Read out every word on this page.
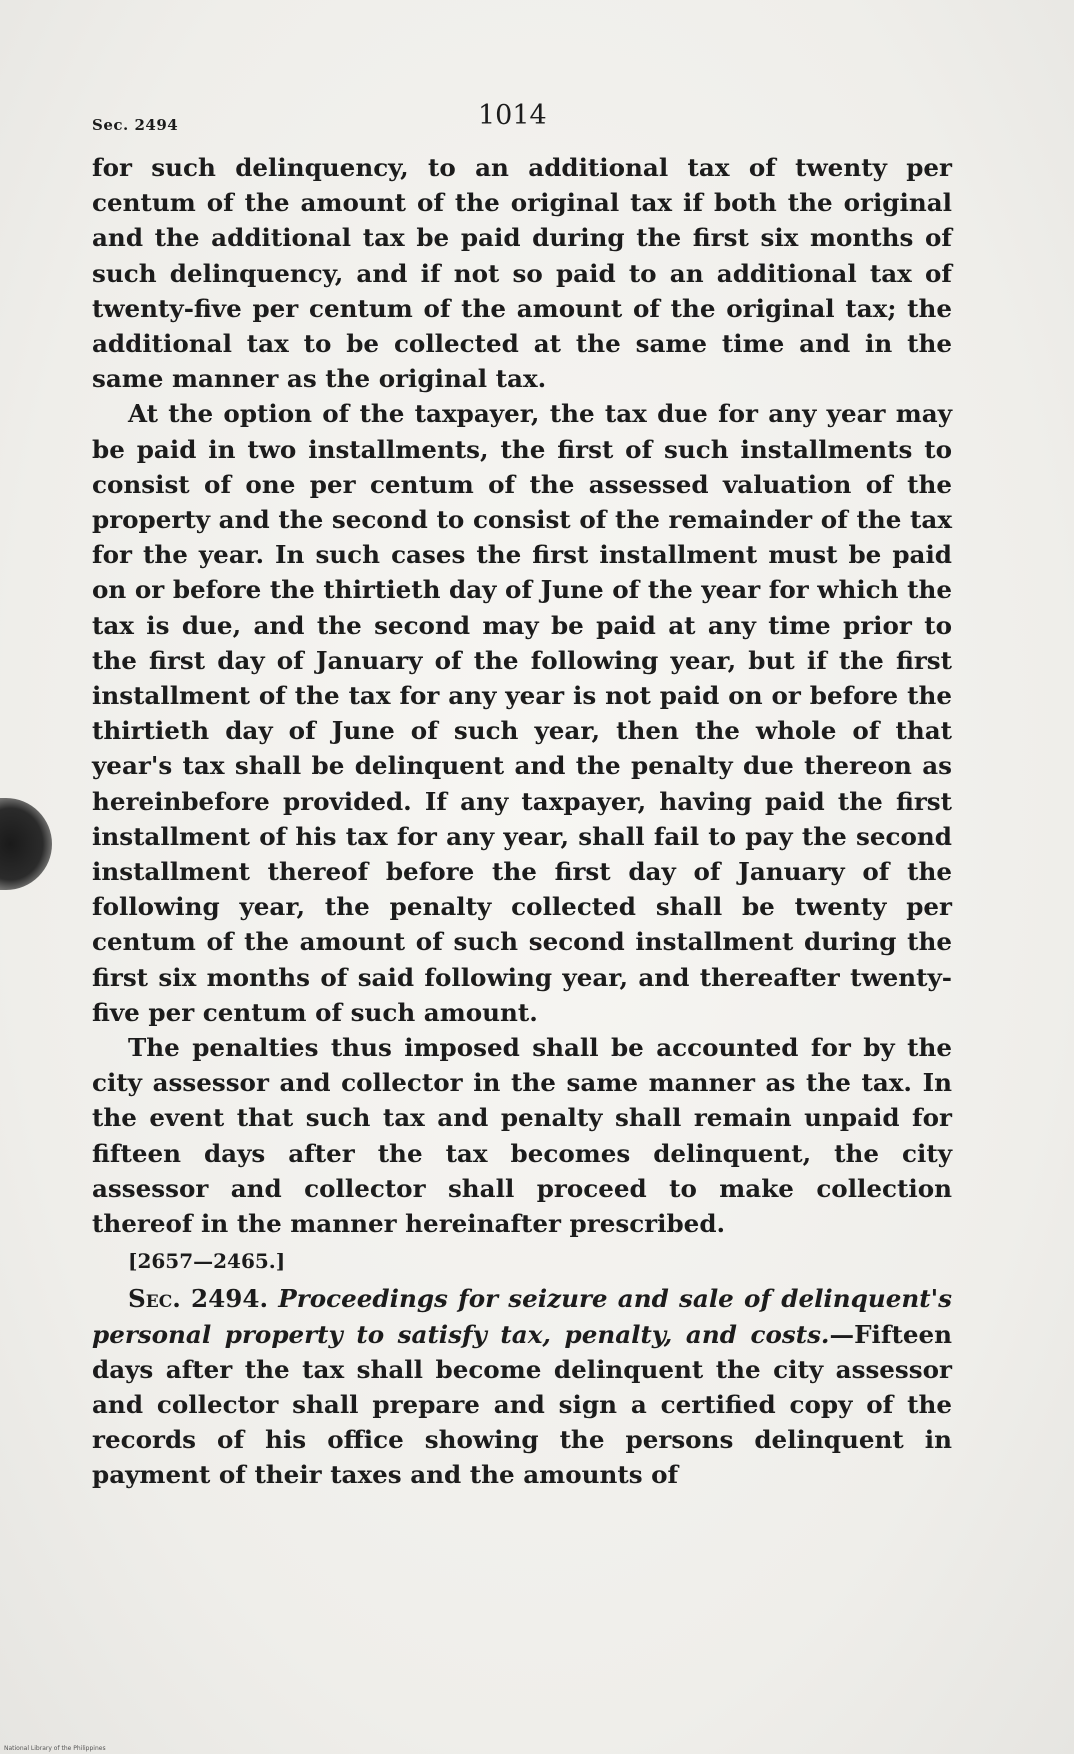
Sec. 2494	1014

for such delinquency, to an additional tax of twenty per centum of the amount of the original tax if both the original and the additional tax be paid during the first six months of such delinquency, and if not so paid to an additional tax of twenty-five per centum of the amount of the original tax; the additional tax to be collected at the same time and in the same manner as the original tax.

At the option of the taxpayer, the tax due for any year may be paid in two installments, the first of such installments to consist of one per centum of the assessed valuation of the property and the second to consist of the remainder of the tax for the year. In such cases the first installment must be paid on or before the thirtieth day of June of the year for which the tax is due, and the second may be paid at any time prior to the first day of January of the following year, but if the first installment of the tax for any year is not paid on or before the thirtieth day of June of such year, then the whole of that year's tax shall be delinquent and the penalty due thereon as hereinbefore provided. If any taxpayer, having paid the first installment of his tax for any year, shall fail to pay the second installment thereof before the first day of January of the following year, the penalty collected shall be twenty per centum of the amount of such second installment during the first six months of said following year, and thereafter twenty-five per centum of such amount.

The penalties thus imposed shall be accounted for by the city assessor and collector in the same manner as the tax. In the event that such tax and penalty shall remain unpaid for fifteen days after the tax becomes delinquent, the city assessor and collector shall proceed to make collection thereof in the manner hereinafter prescribed.

[2657—2465.]

Sec. 2494. Proceedings for seizure and sale of delinquent's personal property to satisfy tax, penalty, and costs.—Fifteen days after the tax shall become delinquent the city assessor and collector shall prepare and sign a certified copy of the records of his office showing the persons delinquent in payment of their taxes and the amounts of

National Library of the Philippines
